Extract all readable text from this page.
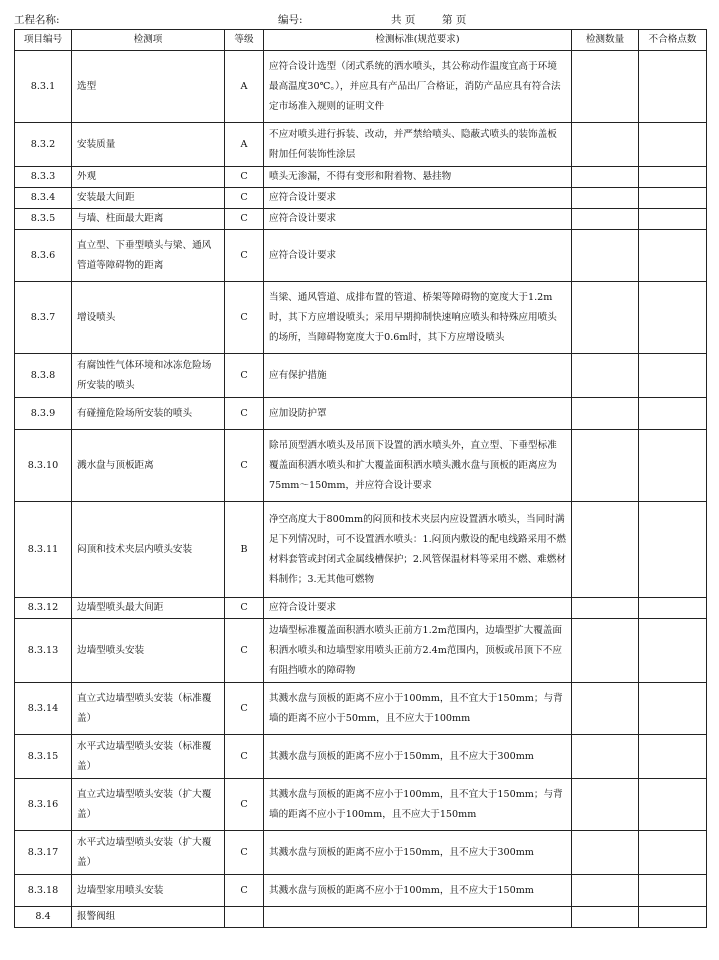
工程名称:	编号:	共 页	第 页
项目编号	检测项	等级	检测标准(规范要求)	检测数量	不合格点数
8.3.1	选型	A	应符合设计选型（闭式系统的洒水喷头，其公称动作温度宜高于环境最高温度30℃。），并应具有产品出厂合格证，消防产品应具有符合法定市场准入规则的证明文件		
8.3.2	安装质量	A	不应对喷头进行拆装、改动，并严禁给喷头、隐蔽式喷头的装饰盖板附加任何装饰性涂层		
8.3.3	外观	C	喷头无渗漏，不得有变形和附着物、悬挂物		
8.3.4	安装最大间距	C	应符合设计要求		
8.3.5	与墙、柱面最大距离	C	应符合设计要求		
8.3.6	直立型、下垂型喷头与梁、通风管道等障碍物的距离	C	应符合设计要求		
8.3.7	增设喷头	C	当梁、通风管道、成排布置的管道、桥架等障碍物的宽度大于1.2m时，其下方应增设喷头；采用早期抑制快速响应喷头和特殊应用喷头的场所，当障碍物宽度大于0.6m时，其下方应增设喷头		
8.3.8	有腐蚀性气体环境和冰冻危险场所安装的喷头	C	应有保护措施		
8.3.9	有碰撞危险场所安装的喷头	C	应加设防护罩		
8.3.10	溅水盘与顶板距离	C	除吊顶型洒水喷头及吊顶下设置的洒水喷头外，直立型、下垂型标准覆盖面积洒水喷头和扩大覆盖面积洒水喷头溅水盘与顶板的距离应为75mm～150mm，并应符合设计要求		
8.3.11	闷顶和技术夹层内喷头安装	B	净空高度大于800mm的闷顶和技术夹层内应设置洒水喷头，当同时满足下列情况时，可不设置洒水喷头：1.闷顶内敷设的配电线路采用不燃材料套管或封闭式金属线槽保护；2.风管保温材料等采用不燃、难燃材料制作；3.无其他可燃物		
8.3.12	边墙型喷头最大间距	C	应符合设计要求		
8.3.13	边墙型喷头安装	C	边墙型标准覆盖面积洒水喷头正前方1.2m范围内，边墙型扩大覆盖面积洒水喷头和边墙型家用喷头正前方2.4m范围内，顶板或吊顶下不应有阻挡喷水的障碍物		
8.3.14	直立式边墙型喷头安装（标准覆盖）	C	其溅水盘与顶板的距离不应小于100mm，且不宜大于150mm；与背墙的距离不应小于50mm，且不应大于100mm		
8.3.15	水平式边墙型喷头安装（标准覆盖）	C	其溅水盘与顶板的距离不应小于150mm，且不应大于300mm		
8.3.16	直立式边墙型喷头安装（扩大覆盖）	C	其溅水盘与顶板的距离不应小于100mm，且不宜大于150mm；与背墙的距离不应小于100mm，且不应大于150mm		
8.3.17	水平式边墙型喷头安装（扩大覆盖）	C	其溅水盘与顶板的距离不应小于150mm，且不应大于300mm		
8.3.18	边墙型家用喷头安装	C	其溅水盘与顶板的距离不应小于100mm，且不应大于150mm		
8.4	报警阀组				
